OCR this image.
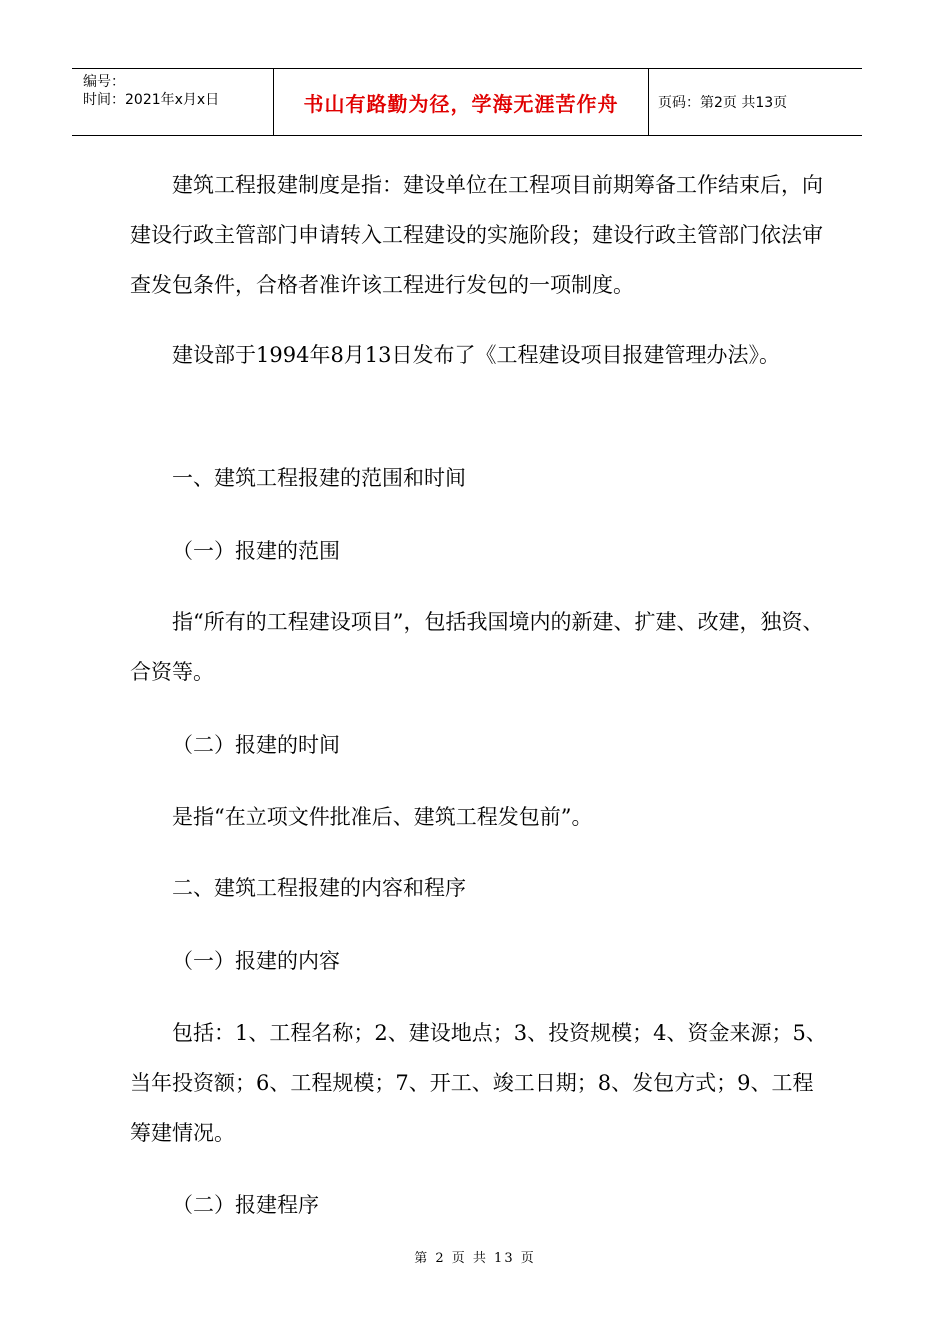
编号：
时间：2021年x月x日	书山有路勤为径，学海无涯苦作舟	页码：第2页 共13页

建筑工程报建制度是指：建设单位在工程项目前期筹备工作结束后，向建设行政主管部门申请转入工程建设的实施阶段；建设行政主管部门依法审查发包条件，合格者准许该工程进行发包的一项制度。

建设部于1994年8月13日发布了《工程建设项目报建管理办法》。

一、建筑工程报建的范围和时间
（一）报建的范围

指“所有的工程建设项目”，包括我国境内的新建、扩建、改建，独资、合资等。

（二）报建的时间
是指“在立项文件批准后、建筑工程发包前”。
二、建筑工程报建的内容和程序
（一）报建的内容

包括：1、工程名称；2、建设地点；3、投资规模；4、资金来源；5、当年投资额；6、工程规模；7、开工、竣工日期；8、发包方式；9、工程筹建情况。

（二）报建程序
第 2 页 共 13 页
